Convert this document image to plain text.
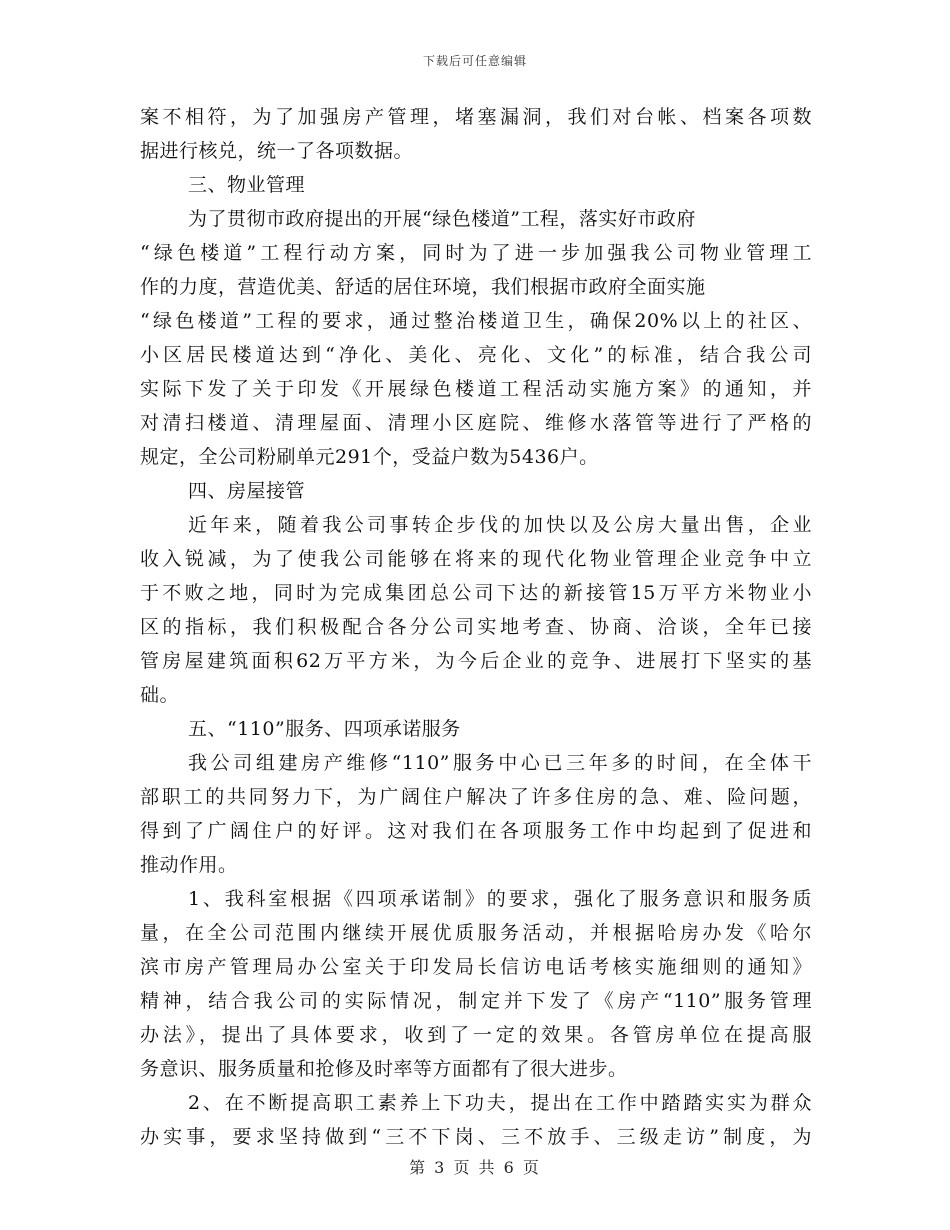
下载后可任意编辑
案不相符，为了加强房产管理，堵塞漏洞，我们对台帐、档案各项数
据进行核兑，统一了各项数据。
三、物业管理
为了贯彻市政府提出的开展“绿色楼道”工程，落实好市政府
“绿色楼道”工程行动方案，同时为了进一步加强我公司物业管理工
作的力度，营造优美、舒适的居住环境，我们根据市政府全面实施
“绿色楼道”工程的要求，通过整治楼道卫生，确保20%以上的社区、
小区居民楼道达到“净化、美化、亮化、文化”的标准，结合我公司
实际下发了关于印发《开展绿色楼道工程活动实施方案》的通知，并
对清扫楼道、清理屋面、清理小区庭院、维修水落管等进行了严格的
规定，全公司粉刷单元291个，受益户数为5436户。
四、房屋接管
近年来，随着我公司事转企步伐的加快以及公房大量出售，企业
收入锐减，为了使我公司能够在将来的现代化物业管理企业竞争中立
于不败之地，同时为完成集团总公司下达的新接管15万平方米物业小
区的指标，我们积极配合各分公司实地考查、协商、洽谈，全年已接
管房屋建筑面积62万平方米，为今后企业的竞争、进展打下坚实的基
础。
五、“110”服务、四项承诺服务
我公司组建房产维修“110”服务中心已三年多的时间，在全体干
部职工的共同努力下，为广阔住户解决了许多住房的急、难、险问题，
得到了广阔住户的好评。这对我们在各项服务工作中均起到了促进和
推动作用。
1、我科室根据《四项承诺制》的要求，强化了服务意识和服务质
量，在全公司范围内继续开展优质服务活动，并根据哈房办发《哈尔
滨市房产管理局办公室关于印发局长信访电话考核实施细则的通知》
精神，结合我公司的实际情况，制定并下发了《房产“110”服务管理
办法》，提出了具体要求，收到了一定的效果。各管房单位在提高服
务意识、服务质量和抢修及时率等方面都有了很大进步。
2、在不断提高职工素养上下功夫，提出在工作中踏踏实实为群众
办实事，要求坚持做到“三不下岗、三不放手、三级走访”制度，为
第 3 页 共 6 页
